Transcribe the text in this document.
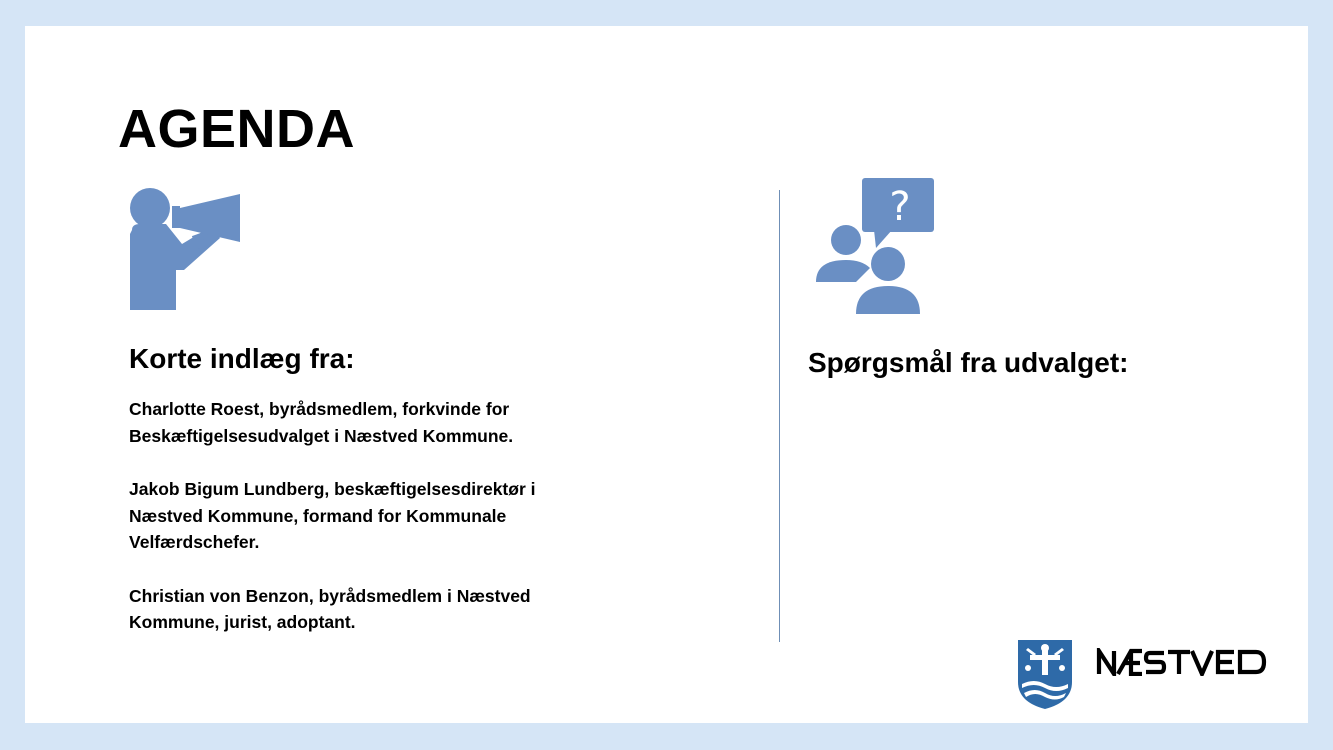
AGENDA
?
Korte indlæg fra:
Charlotte Roest, byrådsmedlem, forkvinde for Beskæftigelsesudvalget i Næstved Kommune.
Jakob Bigum Lundberg, beskæftigelsesdirektør i Næstved Kommune, formand for Kommunale Velfærdschefer.
Christian von Benzon, byrådsmedlem i Næstved Kommune, jurist, adoptant.
Spørgsmål fra udvalget:
NÆSTVED
